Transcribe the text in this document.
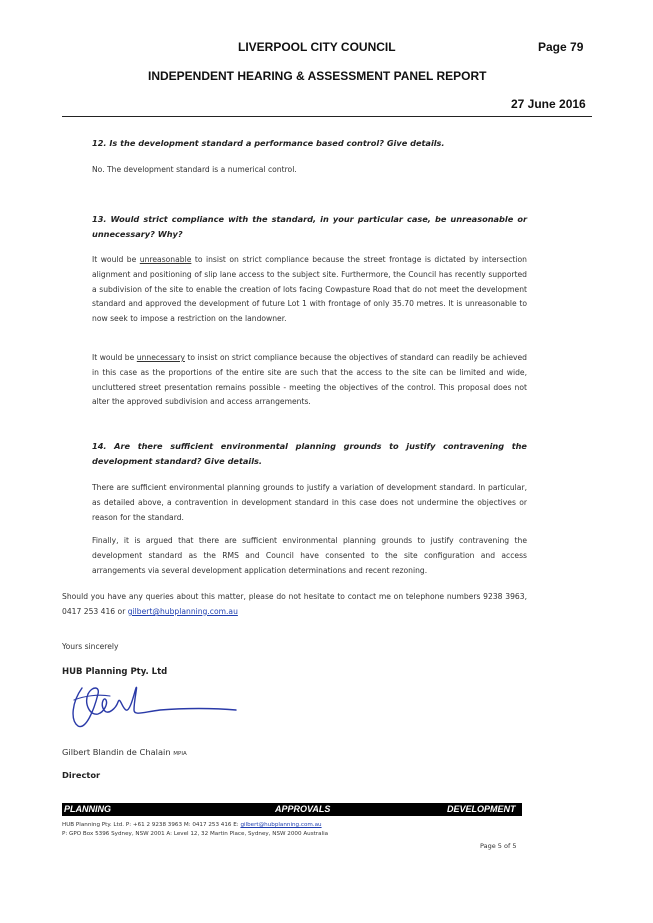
LIVERPOOL CITY COUNCIL	Page 79
INDEPENDENT HEARING & ASSESSMENT PANEL REPORT
27 June 2016
12. Is the development standard a performance based control? Give details.
No. The development standard is a numerical control.
13. Would strict compliance with the standard, in your particular case, be unreasonable or unnecessary? Why?
It would be unreasonable to insist on strict compliance because the street frontage is dictated by intersection alignment and positioning of slip lane access to the subject site. Furthermore, the Council has recently supported a subdivision of the site to enable the creation of lots facing Cowpasture Road that do not meet the development standard and approved the development of future Lot 1 with frontage of only 35.70 metres. It is unreasonable to now seek to impose a restriction on the landowner.
It would be unnecessary to insist on strict compliance because the objectives of standard can readily be achieved in this case as the proportions of the entire site are such that the access to the site can be limited and wide, uncluttered street presentation remains possible - meeting the objectives of the control. This proposal does not alter the approved subdivision and access arrangements.
14. Are there sufficient environmental planning grounds to justify contravening the development standard? Give details.
There are sufficient environmental planning grounds to justify a variation of development standard. In particular, as detailed above, a contravention in development standard in this case does not undermine the objectives or reason for the standard.
Finally, it is argued that there are sufficient environmental planning grounds to justify contravening the development standard as the RMS and Council have consented to the site configuration and access arrangements via several development application determinations and recent rezoning.
Should you have any queries about this matter, please do not hesitate to contact me on telephone numbers 9238 3963, 0417 253 416 or gilbert@hubplanning.com.au
Yours sincerely
HUB Planning Pty. Ltd
Gilbert Blandin de Chalain MPIA
Director
PLANNING	APPROVALS	DEVELOPMENT
HUB Planning Pty. Ltd. P: +61 2 9238 3963 M: 0417 253 416 E: gilbert@hubplanning.com.au
P: GPO Box 5396 Sydney, NSW 2001 A: Level 12, 32 Martin Place, Sydney, NSW 2000 Australia
Page 5 of 5
